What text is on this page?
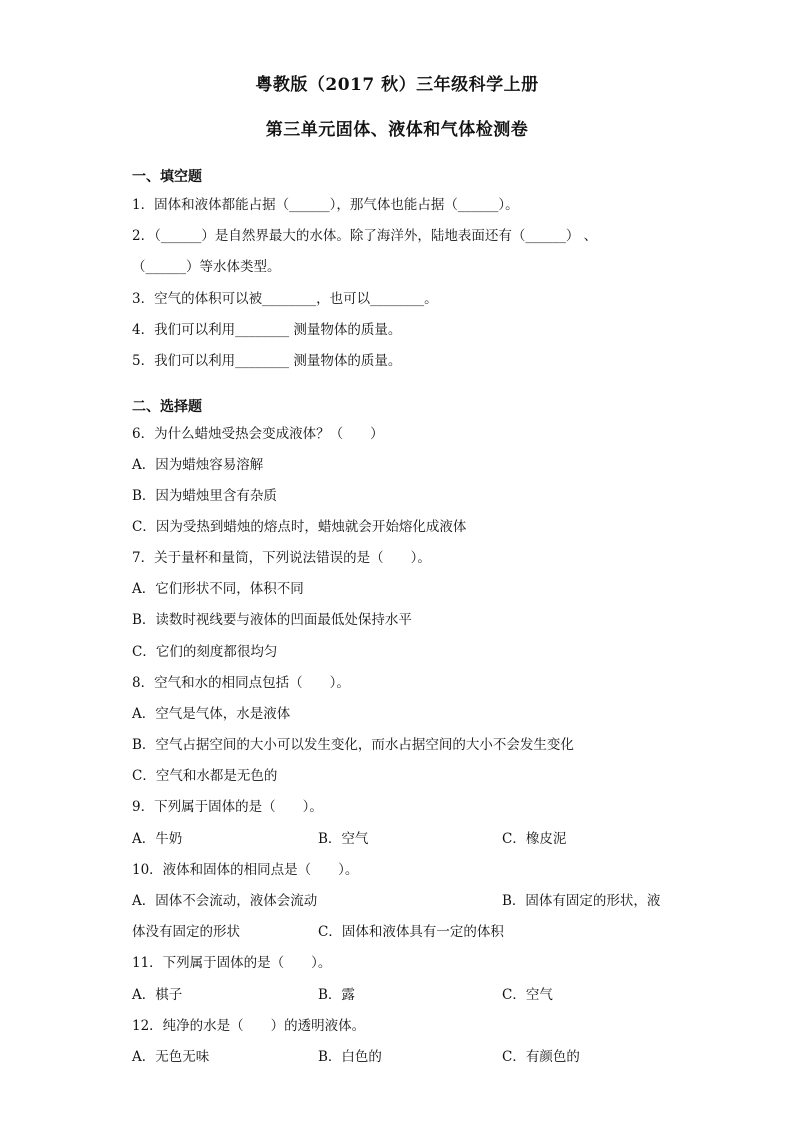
粤教版（2017 秋）三年级科学上册
第三单元固体、液体和气体检测卷
一、填空题
1．固体和液体都能占据（______），那气体也能占据（______）。
2．（______）是自然界最大的水体。除了海洋外，陆地表面还有（______） 、
（______）等水体类型。
3．空气的体积可以被________，也可以________。
4．我们可以利用________ 测量物体的质量。
5．我们可以利用________ 测量物体的质量。
二、选择题
6．为什么蜡烛受热会变成液体？（　　）
A．因为蜡烛容易溶解
B．因为蜡烛里含有杂质
C．因为受热到蜡烛的熔点时，蜡烛就会开始熔化成液体
7．关于量杯和量筒，下列说法错误的是（　　）。
A．它们形状不同，体积不同
B．读数时视线要与液体的凹面最低处保持水平
C．它们的刻度都很均匀
8．空气和水的相同点包括（　　）。
A．空气是气体，水是液体
B．空气占据空间的大小可以发生变化，而水占据空间的大小不会发生变化
C．空气和水都是无色的
9．下列属于固体的是（　　）。
A．牛奶	B．空气	C．橡皮泥
10．液体和固体的相同点是（　　）。
A．固体不会流动，液体会流动	B．固体有固定的形状，液
体没有固定的形状	C．固体和液体具有一定的体积
11．下列属于固体的是（　　）。
A．棋子	B．露	C．空气
12．纯净的水是（　　）的透明液体。
A．无色无味	B．白色的	C．有颜色的
